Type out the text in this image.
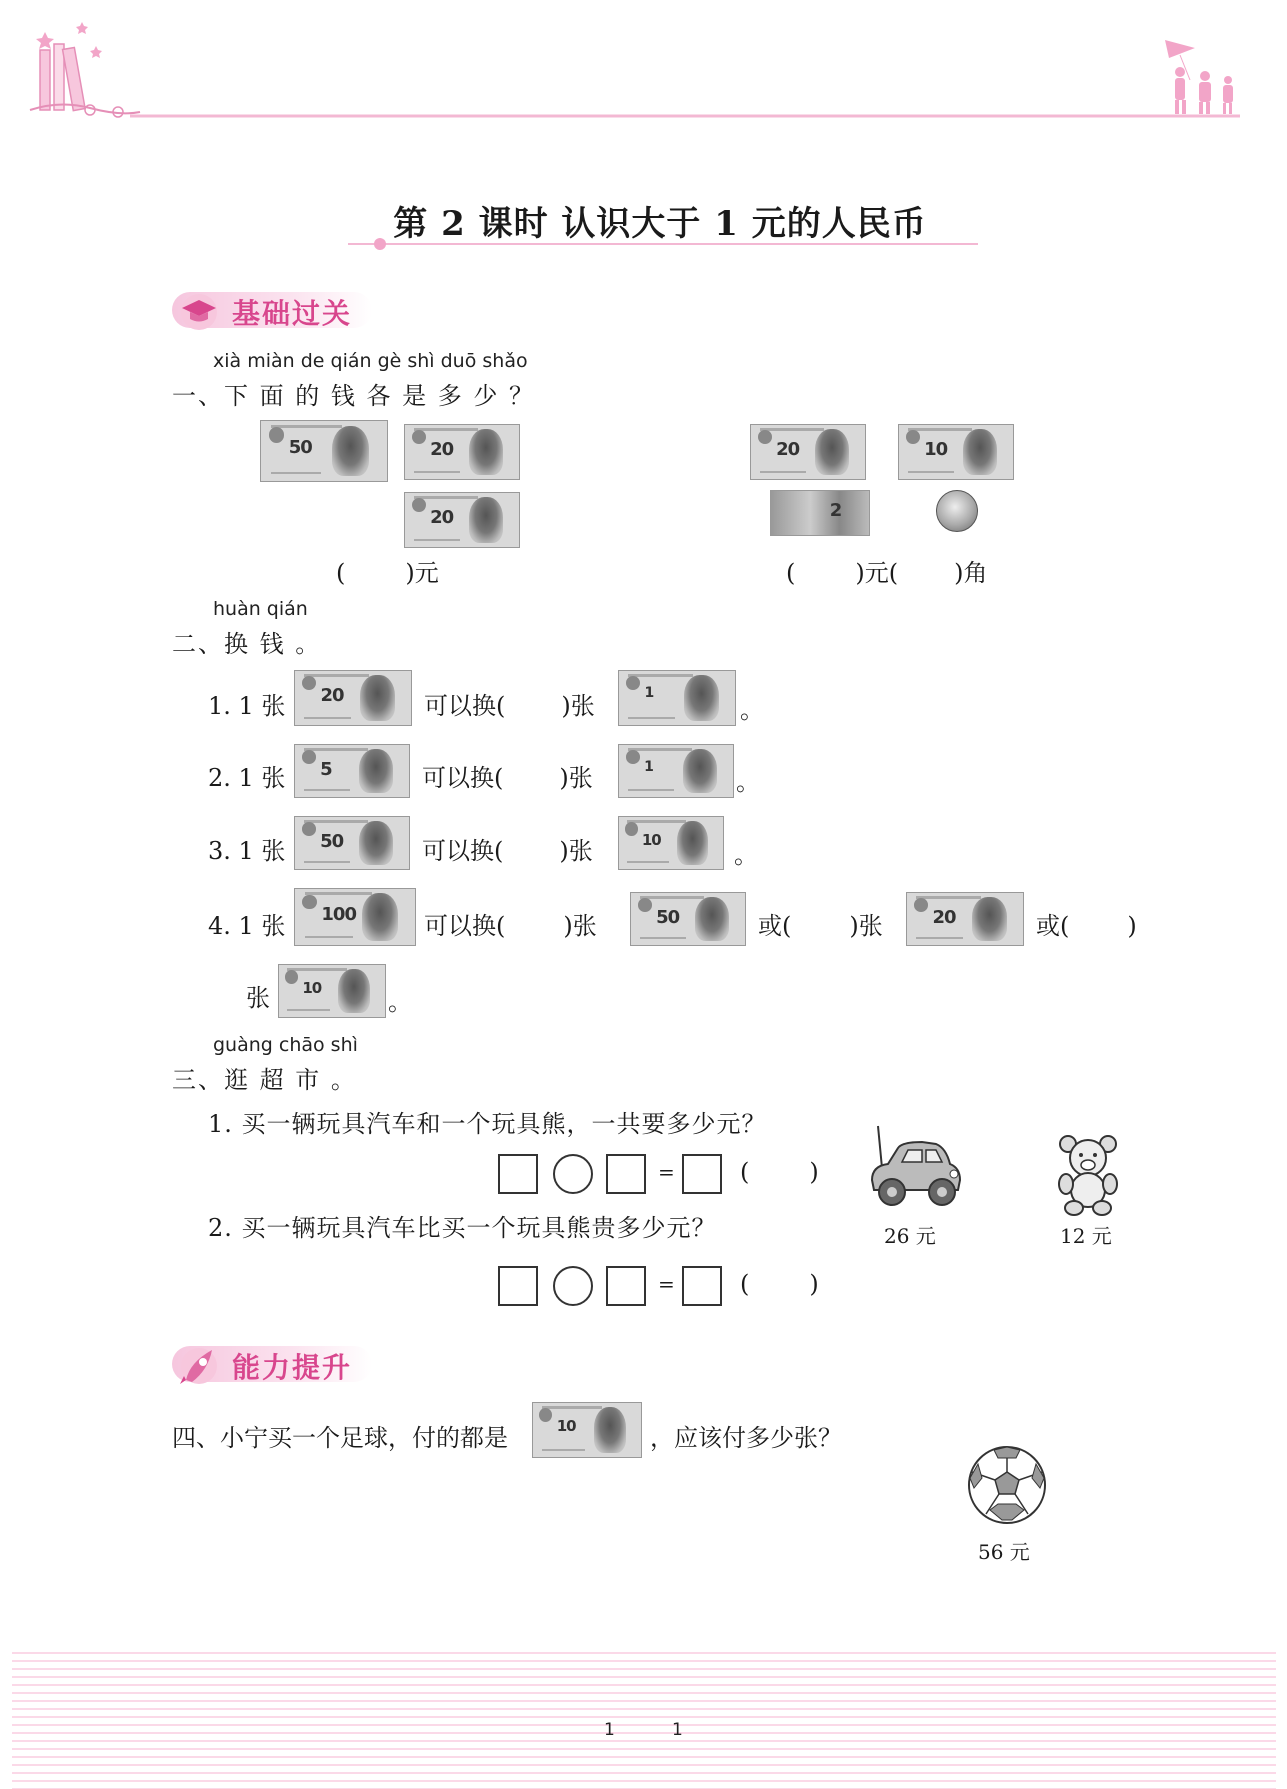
第 2 课时 认识大于 1 元的人民币
基础过关
xià miàn de qián gè shì duō shǎo
一、下 面 的 钱 各 是 多 少 ？
50	20
20
20	10
2
(	)元	(	)元( )角
huàn qián
二、换 钱 。
1. 1 张 20	可以换( )张	1
。
2. 1 张 5	可以换( )张	1
。
3. 1 张 50	可以换( )张	10
。
4. 1 张 100	可以换( )张	50	或( )张	20	或( )
张 10
。
guàng chāo shì
三、逛 超 市 。
1. 买一辆玩具汽车和一个玩具熊，一共要多少元？
=	(	)
2. 买一辆玩具汽车比买一个玩具熊贵多少元？
=	(	)
26 元	12 元
能力提升
四、小宁买一个足球，付的都是	10	，应该付多少张？
56 元
1	1
